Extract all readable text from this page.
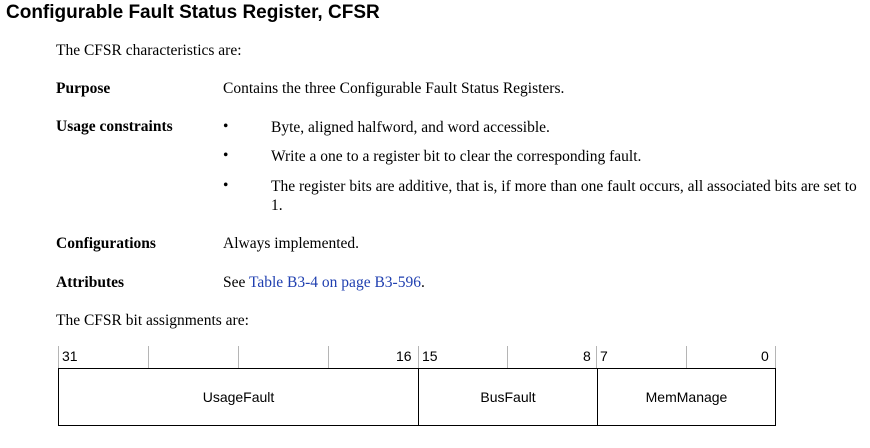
Configurable Fault Status Register, CFSR
The CFSR characteristics are:
Purpose	Contains the three Configurable Fault Status Registers.
Usage constraints	•	Byte, aligned halfword, and word accessible.
•	Write a one to a register bit to clear the corresponding fault.
•	The register bits are additive, that is, if more than one fault occurs, all associated bits are set to 1.
Configurations	Always implemented.
Attributes	See Table B3-4 on page B3-596.
The CFSR bit assignments are:
31	16 15	8 7	0
UsageFault	BusFault	MemManage
